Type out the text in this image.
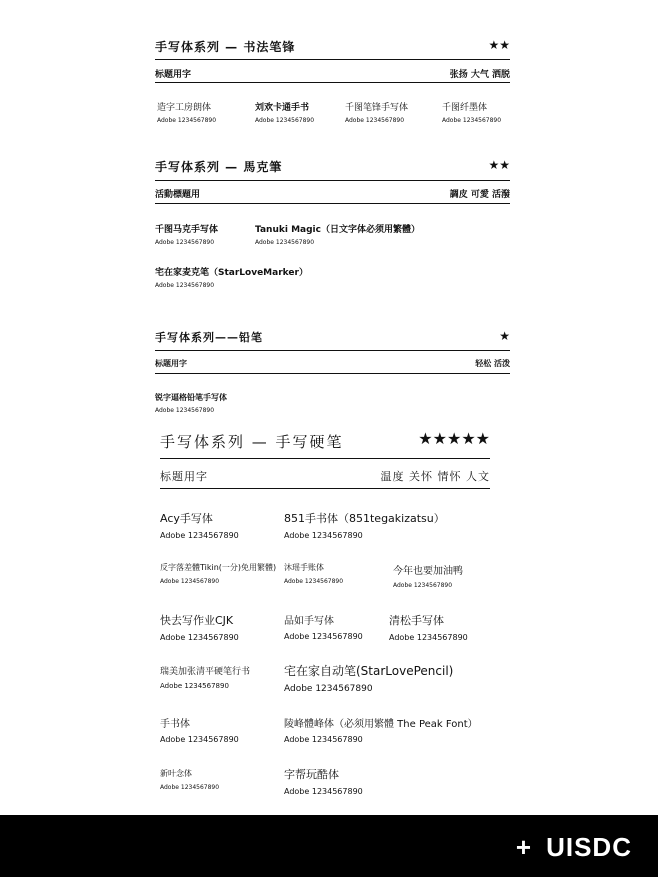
手写体系列 — 书法笔锋	★★
标题用字	张扬 大气 洒脱
造字工房朗体
Adobe 1234567890
刘欢卡通手书
Adobe 1234567890
千图笔锋手写体
Adobe 1234567890
千图纤墨体
Adobe 1234567890
手写体系列 — 馬克筆	★★
活動標題用	調皮 可愛 活潑
千图马克手写体
Adobe 1234567890
Tanuki Magic（日文字体必须用繁體）
Adobe 1234567890
宅在家麦克笔（StarLoveMarker）
Adobe 1234567890
手写体系列——铅笔	★
标题用字	轻松 活泼
锐字逼格铅笔手写体
Adobe 1234567890
手写体系列 — 手写硬笔	★★★★★
标题用字	温度 关怀 情怀 人文
Acy手写体
Adobe 1234567890
851手书体（851tegakizatsu）
Adobe 1234567890
反字落差體Tikin(一分)免用繁體)
Adobe 1234567890
沐瑶手账体
Adobe 1234567890
今年也要加油鸭
Adobe 1234567890
快去写作业CJK
Adobe 1234567890
品如手写体
Adobe 1234567890
清松手写体
Adobe 1234567890
瑞美加张清平硬笔行书
Adobe 1234567890
宅在家自动笔(StarLovePencil)
Adobe 1234567890
手书体
Adobe 1234567890
陵峰體峰体（必须用繁體 The Peak Font）
Adobe 1234567890
新叶念体
Adobe 1234567890
字帮玩酷体
Adobe 1234567890
+ UISDC
